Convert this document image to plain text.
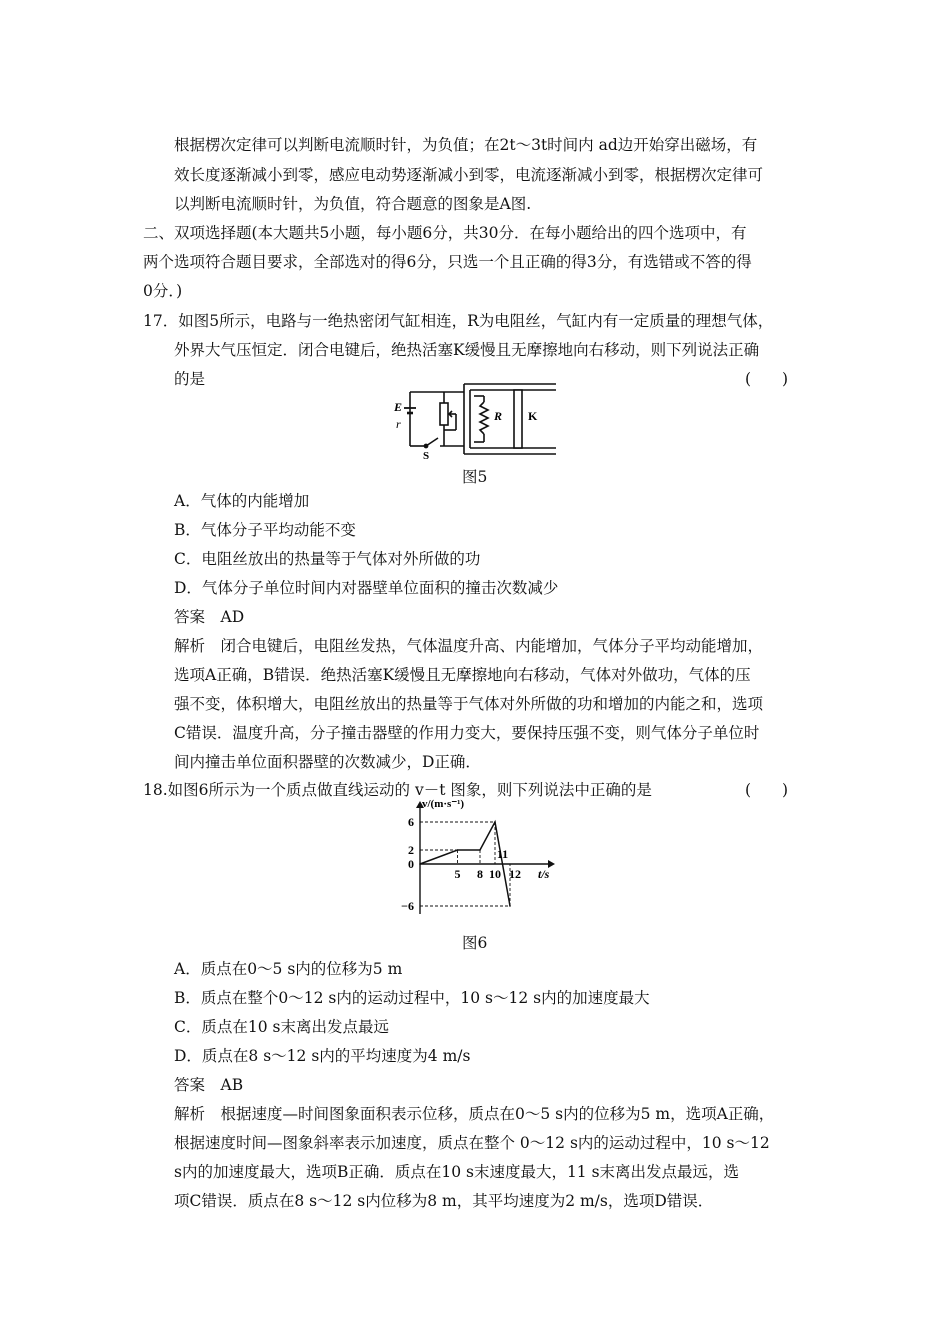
根据楞次定律可以判断电流顺时针，为负值；在2t～3t时间内 ad边开始穿出磁场，有
效长度逐渐减小到零，感应电动势逐渐减小到零，电流逐渐减小到零，根据楞次定律可
以判断电流顺时针，为负值，符合题意的图象是A图.
二、双项选择题(本大题共5小题，每小题6分，共30分．在每小题给出的四个选项中，有
两个选项符合题目要求，全部选对的得6分，只选一个且正确的得3分，有选错或不答的得
0分．)
17．如图5所示，电路与一绝热密闭气缸相连，R为电阻丝，气缸内有一定质量的理想气体，
外界大气压恒定．闭合电键后，绝热活塞K缓慢且无摩擦地向右移动，则下列说法正确
的是	(　　)
E
r
S
R K
图5
A．气体的内能增加
B．气体分子平均动能不变
C．电阻丝放出的热量等于气体对外所做的功
D．气体分子单位时间内对器壁单位面积的撞击次数减少
答案　AD
解析　闭合电键后，电阻丝发热，气体温度升高、内能增加，气体分子平均动能增加，
选项A正确，B错误．绝热活塞K缓慢且无摩擦地向右移动，气体对外做功，气体的压
强不变，体积增大，电阻丝放出的热量等于气体对外所做的功和增加的内能之和，选项
C错误．温度升高，分子撞击器壁的作用力变大，要保持压强不变，则气体分子单位时
间内撞击单位面积器壁的次数减少，D正确．
18.如图6所示为一个质点做直线运动的 v－t 图象，则下列说法中正确的是	(　　)
6
2
0
−6
5 8 10
11
12
v/(m·s⁻¹)
t/s
图6
A．质点在0～5 s内的位移为5 m
B．质点在整个0～12 s内的运动过程中，10 s～12 s内的加速度最大
C．质点在10 s末离出发点最远
D．质点在8 s～12 s内的平均速度为4 m/s
答案　AB
解析　根据速度—时间图象面积表示位移，质点在0～5 s内的位移为5 m，选项A正确，
根据速度时间—图象斜率表示加速度，质点在整个 0～12 s内的运动过程中，10 s～12
s内的加速度最大，选项B正确．质点在10 s末速度最大，11 s末离出发点最远，选
项C错误．质点在8 s～12 s内位移为8 m，其平均速度为2 m/s，选项D错误．
